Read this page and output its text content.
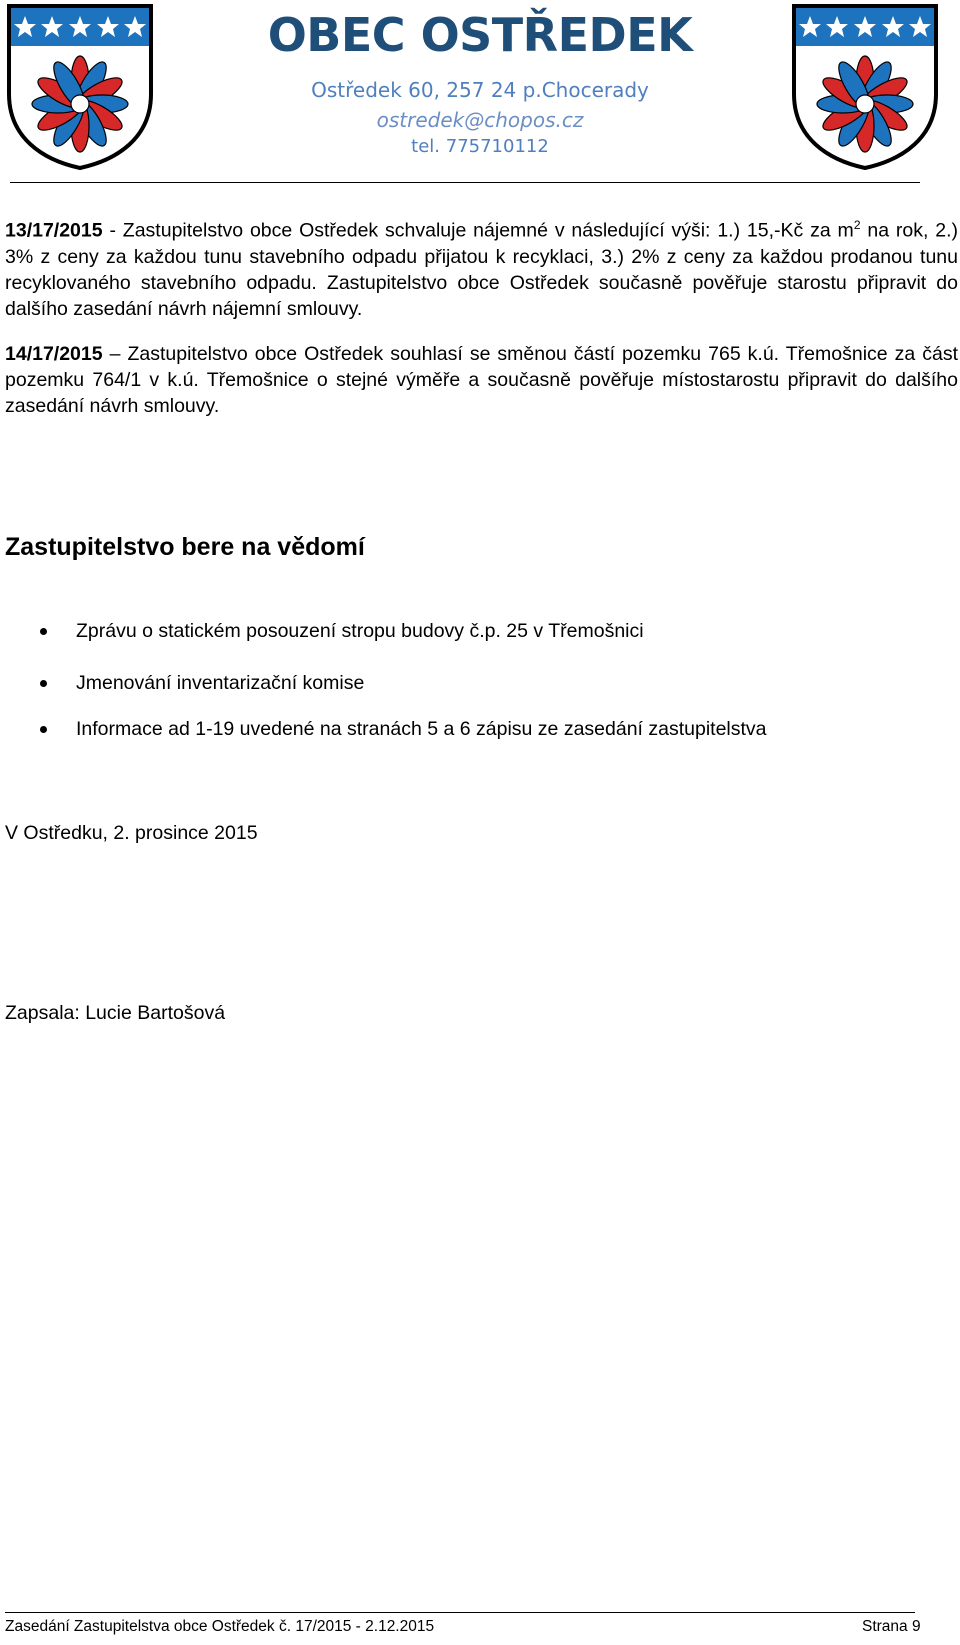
OBEC OSTŘEDEK
Ostředek 60, 257 24 p.Chocerady
ostredek@chopos.cz
tel. 775710112
13/17/2015 - Zastupitelstvo obce Ostředek schvaluje nájemné v následující výši: 1.) 15,-Kč za $m^2$ na rok, 2.) 3% z ceny za každou tunu stavebního odpadu přijatou k recyklaci, 3.) 2% z ceny za každou prodanou tunu recyklovaného stavebního odpadu. Zastupitelstvo obce Ostředek současně pověřuje starostu připravit do dalšího zasedání návrh nájemní smlouvy.
14/17/2015 – Zastupitelstvo obce Ostředek souhlasí se směnou částí pozemku 765 k.ú. Třemošnice za část pozemku 764/1 v k.ú. Třemošnice o stejné výměře a současně pověřuje místostarostu připravit do dalšího zasedání návrh smlouvy.
Zastupitelstvo bere na vědomí
Zprávu o statickém posouzení stropu budovy č.p. 25 v Třemošnici
Jmenování inventarizační komise
Informace ad 1-19 uvedené na stranách 5 a 6 zápisu ze zasedání zastupitelstva
V Ostředku, 2. prosince 2015
Zapsala: Lucie Bartošová
Zasedání Zastupitelstva obce Ostředek č. 17/2015 - 2.12.2015	Strana 9
